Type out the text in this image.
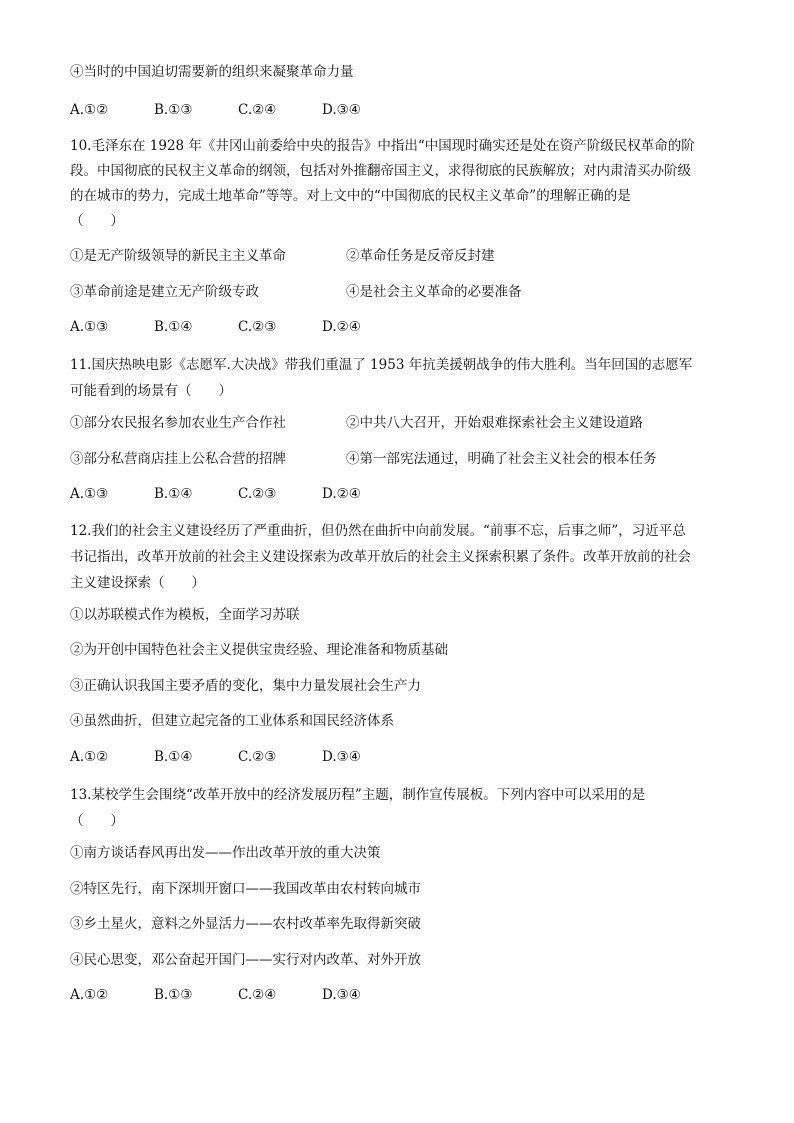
④当时的中国迫切需要新的组织来凝聚革命力量
A.①②	B.①③	C.②④	D.③④
10.毛泽东在 1928 年《井冈山前委给中央的报告》中指出“中国现时确实还是处在资产阶级民权革命的阶
段。中国彻底的民权主义革命的纲领，包括对外推翻帝国主义，求得彻底的民族解放；对内肃清买办阶级
的在城市的势力，完成土地革命”等等。对上文中的“中国彻底的民权主义革命”的理解正确的是
（　　）
①是无产阶级领导的新民主主义革命	②革命任务是反帝反封建
③革命前途是建立无产阶级专政	④是社会主义革命的必要准备
A.①③	B.①④	C.②③	D.②④
11.国庆热映电影《志愿军.大决战》带我们重温了 1953 年抗美援朝战争的伟大胜利。当年回国的志愿军
可能看到的场景有（　　）
①部分农民报名参加农业生产合作社	②中共八大召开，开始艰难探索社会主义建设道路
③部分私营商店挂上公私合营的招牌	④第一部宪法通过，明确了社会主义社会的根本任务
A.①③	B.①④	C.②③	D.②④
12.我们的社会主义建设经历了严重曲折，但仍然在曲折中向前发展。“前事不忘，后事之师”，习近平总
书记指出，改革开放前的社会主义建设探索为改革开放后的社会主义探索积累了条件。改革开放前的社会
主义建设探索（　　）
①以苏联模式作为模板，全面学习苏联
②为开创中国特色社会主义提供宝贵经验、理论准备和物质基础
③正确认识我国主要矛盾的变化，集中力量发展社会生产力
④虽然曲折，但建立起完备的工业体系和国民经济体系
A.①②	B.①④	C.②③	D.③④
13.某校学生会围绕“改革开放中的经济发展历程”主题，制作宣传展板。下列内容中可以采用的是
（　　）
①南方谈话春风再出发——作出改革开放的重大决策
②特区先行，南下深圳开窗口——我国改革由农村转向城市
③乡土星火，意料之外显活力——农村改革率先取得新突破
④民心思变，邓公奋起开国门——实行对内改革、对外开放
A.①②	B.①③	C.②④	D.③④
